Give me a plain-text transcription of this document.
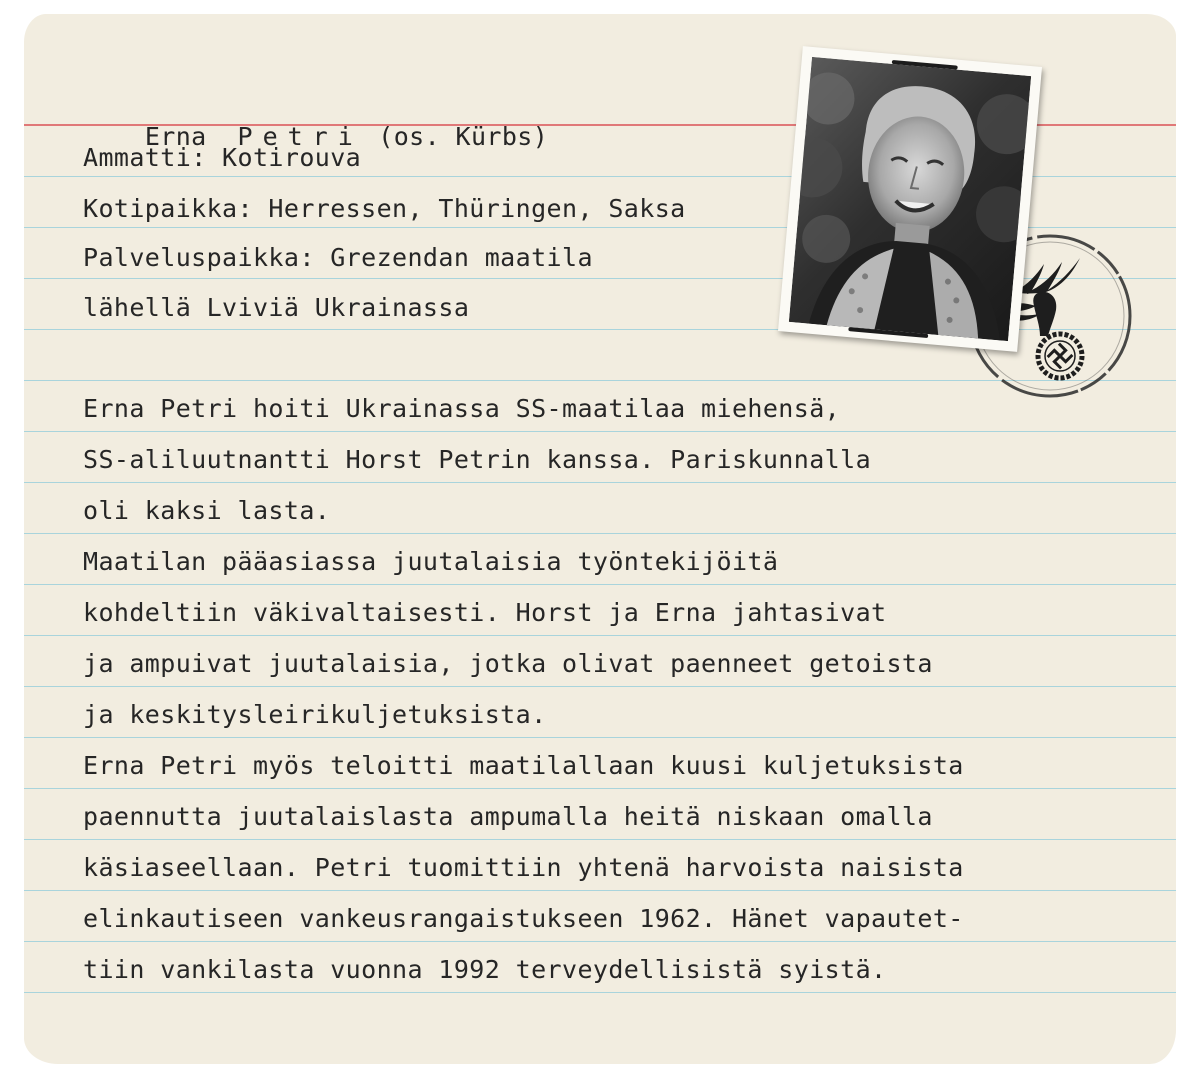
Erna Petri (os. Kürbs)

Ammatti: Kotirouva
Kotipaikka: Herressen, Thüringen, Saksa
Palveluspaikka: Grezendan maatila
lähellä Lviviä Ukrainassa
Erna Petri hoiti Ukrainassa SS-maatilaa miehensä,
SS-aliluutnantti Horst Petrin kanssa. Pariskunnalla
oli kaksi lasta.
Maatilan pääasiassa juutalaisia työntekijöitä
kohdeltiin väkivaltaisesti. Horst ja Erna jahtasivat
ja ampuivat juutalaisia, jotka olivat paenneet getoista
ja keskitysleirikuljetuksista.
Erna Petri myös teloitti maatilallaan kuusi kuljetuksista
paennutta juutalaislasta ampumalla heitä niskaan omalla
käsiaseellaan. Petri tuomittiin yhtenä harvoista naisista
elinkautiseen vankeusrangaistukseen 1962. Hänet vapautet-
tiin vankilasta vuonna 1992 terveydellisistä syistä.
